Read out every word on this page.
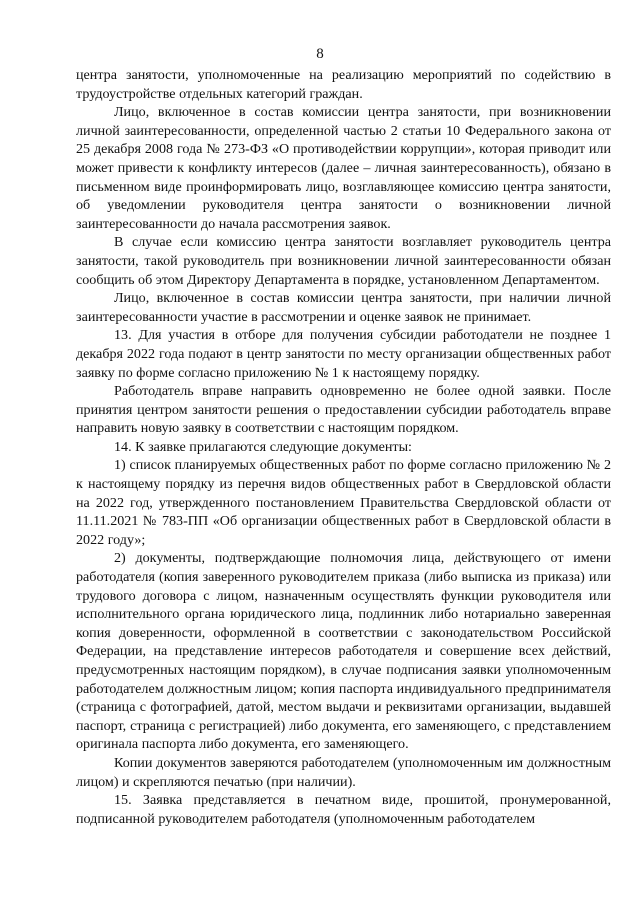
8

центра занятости, уполномоченные на реализацию мероприятий по содействию в трудоустройстве отдельных категорий граждан.

Лицо, включенное в состав комиссии центра занятости, при возникновении личной заинтересованности, определенной частью 2 статьи 10 Федерального закона от 25 декабря 2008 года № 273-ФЗ «О противодействии коррупции», которая приводит или может привести к конфликту интересов (далее – личная заинтересованность), обязано в письменном виде проинформировать лицо, возглавляющее комиссию центра занятости, об уведомлении руководителя центра занятости о возникновении личной заинтересованности до начала рассмотрения заявок.

В случае если комиссию центра занятости возглавляет руководитель центра занятости, такой руководитель при возникновении личной заинтересованности обязан сообщить об этом Директору Департамента в порядке, установленном Департаментом.

Лицо, включенное в состав комиссии центра занятости, при наличии личной заинтересованности участие в рассмотрении и оценке заявок не принимает.

13. Для участия в отборе для получения субсидии работодатели не позднее 1 декабря 2022 года подают в центр занятости по месту организации общественных работ заявку по форме согласно приложению № 1 к настоящему порядку.

Работодатель вправе направить одновременно не более одной заявки. После принятия центром занятости решения о предоставлении субсидии работодатель вправе направить новую заявку в соответствии с настоящим порядком.

14. К заявке прилагаются следующие документы:

1) список планируемых общественных работ по форме согласно приложению № 2 к настоящему порядку из перечня видов общественных работ в Свердловской области на 2022 год, утвержденного постановлением Правительства Свердловской области от 11.11.2021 № 783-ПП «Об организации общественных работ в Свердловской области в 2022 году»;

2) документы, подтверждающие полномочия лица, действующего от имени работодателя (копия заверенного руководителем приказа (либо выписка из приказа) или трудового договора с лицом, назначенным осуществлять функции руководителя или исполнительного органа юридического лица, подлинник либо нотариально заверенная копия доверенности, оформленной в соответствии с законодательством Российской Федерации, на представление интересов работодателя и совершение всех действий, предусмотренных настоящим порядком), в случае подписания заявки уполномоченным работодателем должностным лицом; копия паспорта индивидуального предпринимателя (страница с фотографией, датой, местом выдачи и реквизитами организации, выдавшей паспорт, страница с регистрацией) либо документа, его заменяющего, с представлением оригинала паспорта либо документа, его заменяющего.

Копии документов заверяются работодателем (уполномоченным им должностным лицом) и скрепляются печатью (при наличии).

15. Заявка представляется в печатном виде, прошитой, пронумерованной, подписанной руководителем работодателя (уполномоченным работодателем
